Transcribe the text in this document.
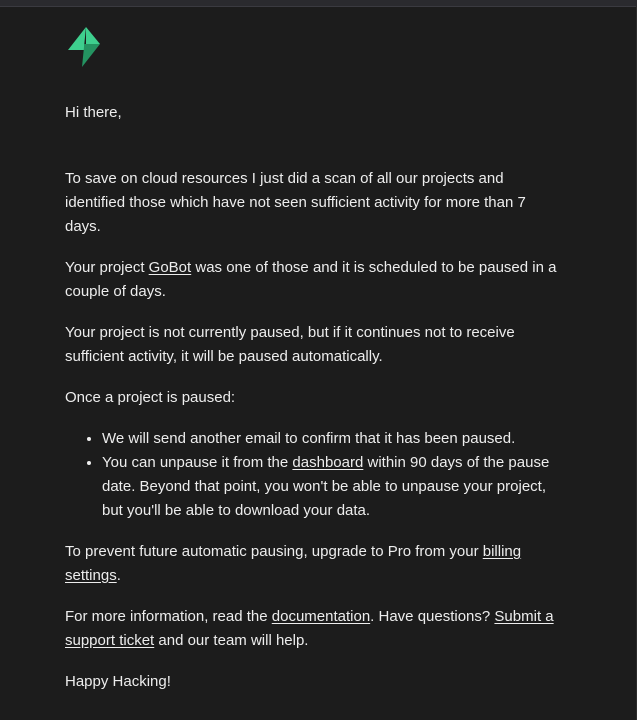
Hi there,

To save on cloud resources I just did a scan of all our projects and identified those which have not seen sufficient activity for more than 7 days.

Your project GoBot was one of those and it is scheduled to be paused in a couple of days.

Your project is not currently paused, but if it continues not to receive sufficient activity, it will be paused automatically.

Once a project is paused:

• We will send another email to confirm that it has been paused.
• You can unpause it from the dashboard within 90 days of the pause date. Beyond that point, you won't be able to unpause your project, but you'll be able to download your data.

To prevent future automatic pausing, upgrade to Pro from your billing settings.

For more information, read the documentation. Have questions? Submit a support ticket and our team will help.

Happy Hacking!
